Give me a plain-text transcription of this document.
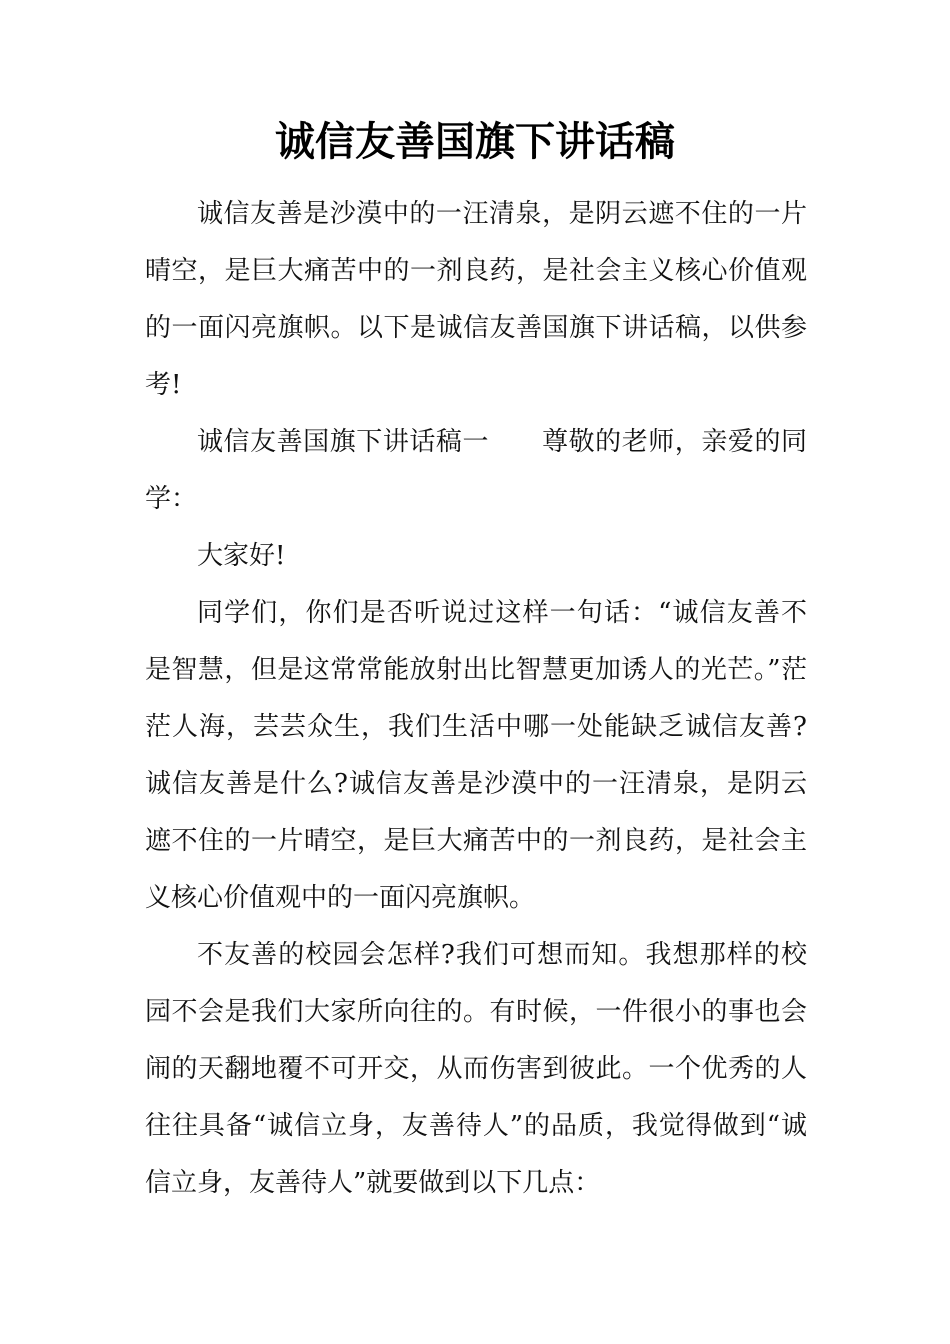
诚信友善国旗下讲话稿

诚信友善是沙漠中的一汪清泉，是阴云遮不住的一片晴空，是巨大痛苦中的一剂良药，是社会主义核心价值观的一面闪亮旗帜。以下是诚信友善国旗下讲话稿，以供参考!

诚信友善国旗下讲话稿一　　尊敬的老师，亲爱的同学：

大家好!

同学们，你们是否听说过这样一句话：“诚信友善不是智慧，但是这常常能放射出比智慧更加诱人的光芒。”茫茫人海，芸芸众生，我们生活中哪一处能缺乏诚信友善?诚信友善是什么?诚信友善是沙漠中的一汪清泉，是阴云遮不住的一片晴空，是巨大痛苦中的一剂良药，是社会主义核心价值观中的一面闪亮旗帜。

不友善的校园会怎样?我们可想而知。我想那样的校园不会是我们大家所向往的。有时候，一件很小的事也会闹的天翻地覆不可开交，从而伤害到彼此。一个优秀的人往往具备“诚信立身，友善待人”的品质，我觉得做到“诚信立身，友善待人”就要做到以下几点：
